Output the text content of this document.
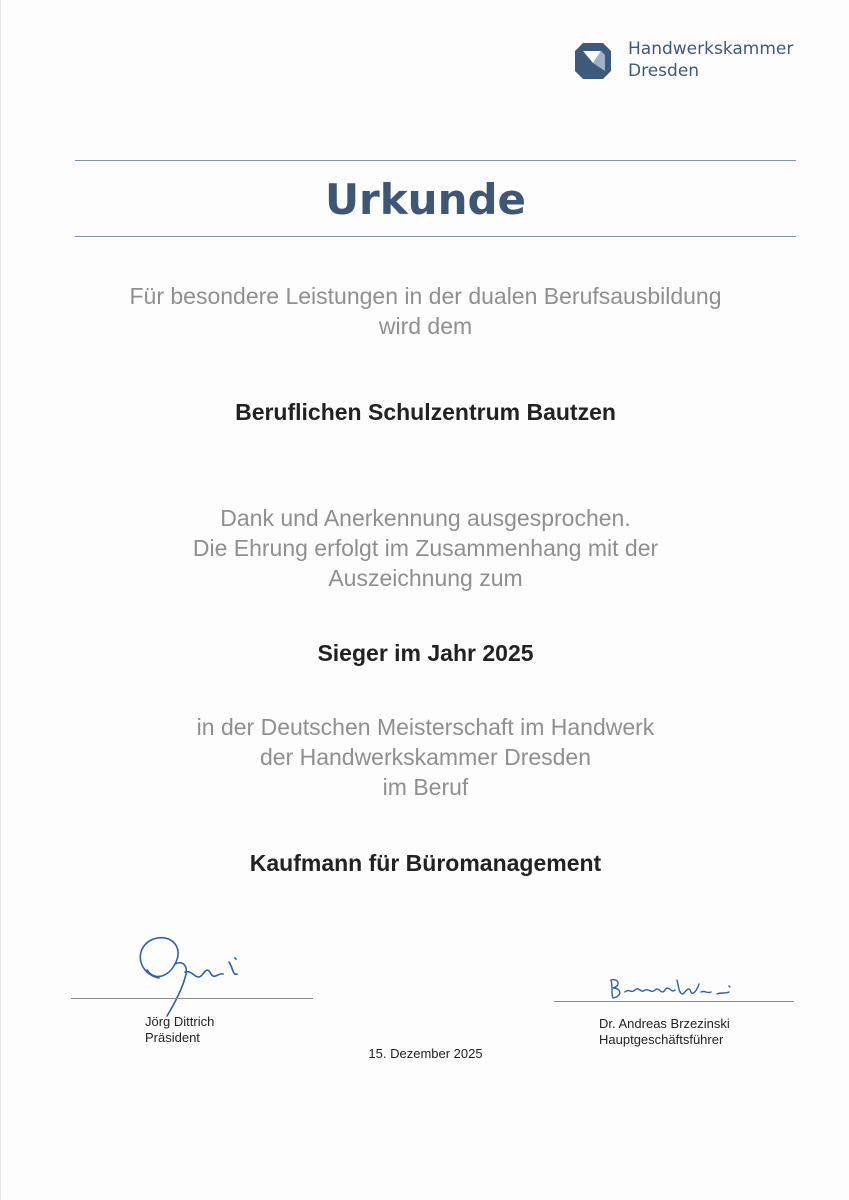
Handwerkskammer
Dresden
Urkunde
Für besondere Leistungen in der dualen Berufsausbildung
wird dem
Beruflichen Schulzentrum Bautzen
Dank und Anerkennung ausgesprochen.
Die Ehrung erfolgt im Zusammenhang mit der
Auszeichnung zum
Sieger im Jahr 2025
in der Deutschen Meisterschaft im Handwerk
der Handwerkskammer Dresden
im Beruf
Kaufmann für Büromanagement
Jörg Dittrich
Präsident
Dr. Andreas Brzezinski
Hauptgeschäftsführer
15. Dezember 2025
